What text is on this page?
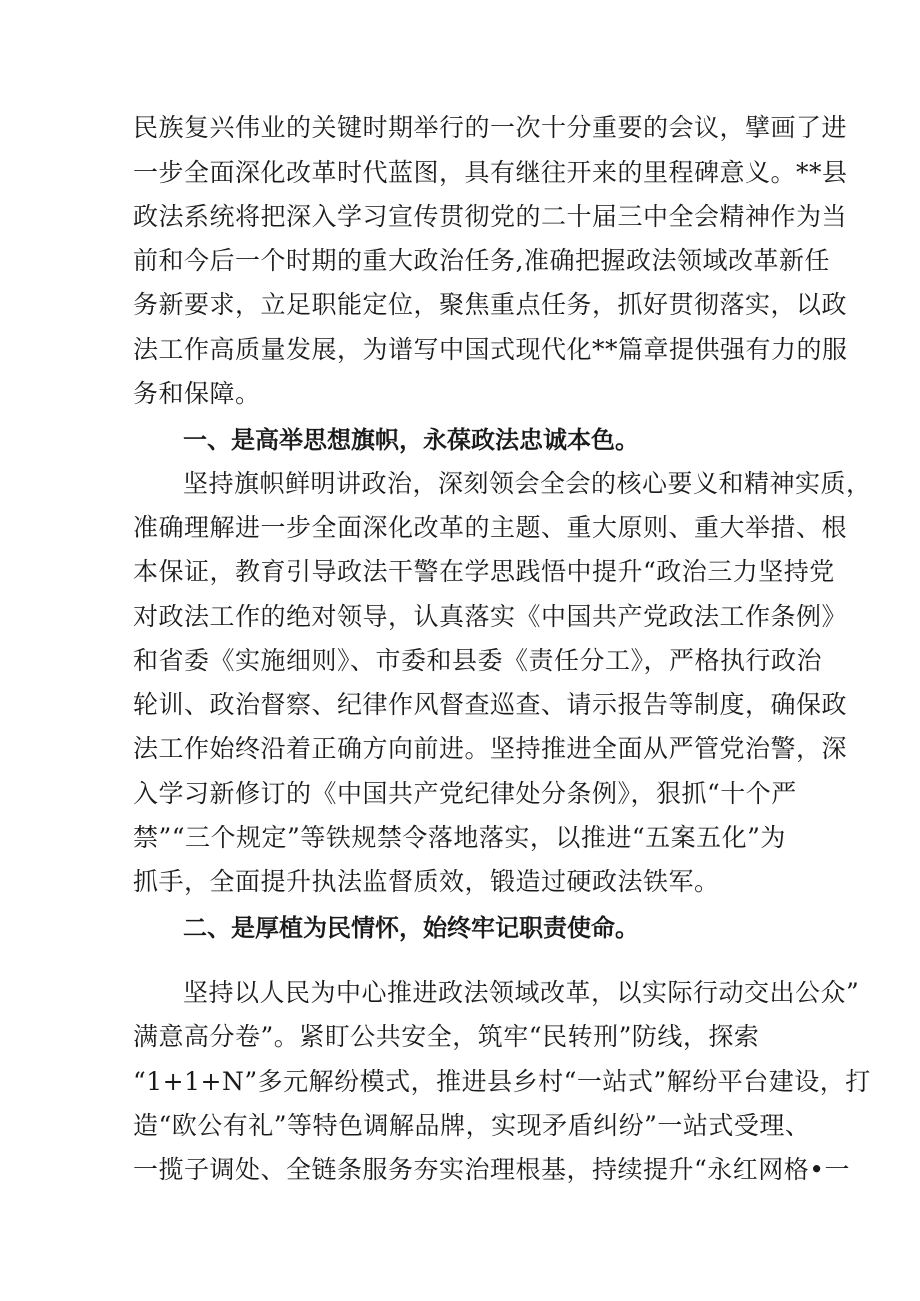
民族复兴伟业的关键时期举行的一次十分重要的会议，擘画了进
一步全面深化改革时代蓝图，具有继往开来的里程碑意义。**县
政法系统将把深入学习宣传贯彻党的二十届三中全会精神作为当
前和今后一个时期的重大政治任务,准确把握政法领域改革新任
务新要求，立足职能定位，聚焦重点任务，抓好贯彻落实，以政
法工作高质量发展，为谱写中国式现代化**篇章提供强有力的服
务和保障。
一、是高举思想旗帜，永葆政法忠诚本色。
坚持旗帜鲜明讲政治，深刻领会全会的核心要义和精神实质，
准确理解进一步全面深化改革的主题、重大原则、重大举措、根
本保证，教育引导政法干警在学思践悟中提升“政治三力坚持党
对政法工作的绝对领导，认真落实《中国共产党政法工作条例》
和省委《实施细则》、市委和县委《责任分工》，严格执行政治
轮训、政治督察、纪律作风督查巡查、请示报告等制度，确保政
法工作始终沿着正确方向前进。坚持推进全面从严管党治警，深
入学习新修订的《中国共产党纪律处分条例》，狠抓“十个严
禁”“三个规定”等铁规禁令落地落实，以推进“五案五化”为
抓手，全面提升执法监督质效，锻造过硬政法铁军。
二、是厚植为民情怀，始终牢记职责使命。
坚持以人民为中心推进政法领域改革，以实际行动交出公众”
满意高分卷”。紧盯公共安全，筑牢“民转刑”防线，探索
“1+1+N”多元解纷模式，推进县乡村“一站式”解纷平台建设，打
造“欧公有礼”等特色调解品牌，实现矛盾纠纷”一站式受理、
一揽子调处、全链条服务夯实治理根基，持续提升“永红网格•一
